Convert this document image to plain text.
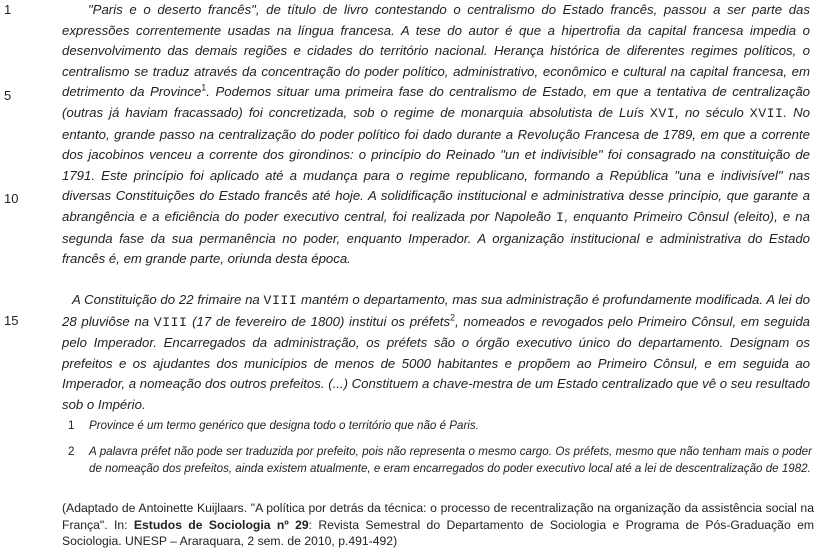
1
5
10
15

"Paris e o deserto francês", de título de livro contestando o centralismo do Estado francês, passou a ser parte das expressões correntemente usadas na língua francesa. A tese do autor é que a hipertrofia da capital francesa impedia o desenvolvimento das demais regiões e cidades do território nacional. Herança histórica de diferentes regimes políticos, o centralismo se traduz através da concentração do poder político, administrativo, econômico e cultural na capital francesa, em detrimento da Province$^1$. Podemos situar uma primeira fase do centralismo de Estado, em que a tentativa de centralização (outras já haviam fracassado) foi concretizada, sob o regime de monarquia absolutista de Luís XVI, no século XVII. No entanto, grande passo na centralização do poder político foi dado durante a Revolução Francesa de 1789, em que a corrente dos jacobinos venceu a corrente dos girondinos: o princípio do Reinado "un et indivisible" foi consagrado na constituição de 1791. Este princípio foi aplicado até a mudança para o regime republicano, formando a República "una e indivisível" nas diversas Constituições do Estado francês até hoje. A solidificação institucional e administrativa desse princípio, que garante a abrangência e a eficiência do poder executivo central, foi realizada por Napoleão I, enquanto Primeiro Cônsul (eleito), e na segunda fase da sua permanência no poder, enquanto Imperador. A organização institucional e administrativa do Estado francês é, em grande parte, oriunda desta época.

A Constituição do 22 frimaire na VIII mantém o departamento, mas sua administração é profundamente modificada. A lei do 28 pluviôse na VIII (17 de fevereiro de 1800) institui os préfets$^2$, nomeados e revogados pelo Primeiro Cônsul, em seguida pelo Imperador. Encarregados da administração, os préfets são o órgão executivo único do departamento. Designam os prefeitos e os ajudantes dos municípios de menos de 5000 habitantes e propõem ao Primeiro Cônsul, e em seguida ao Imperador, a nomeação dos outros prefeitos. (...) Constituem a chave-mestra de um Estado centralizado que vê o seu resultado sob o Império.

1 Province é um termo genérico que designa todo o território que não é Paris.
2 A palavra préfet não pode ser traduzida por prefeito, pois não representa o mesmo cargo. Os préfets, mesmo que não tenham mais o poder de nomeação dos prefeitos, ainda existem atualmente, e eram encarregados do poder executivo local até a lei de descentralização de 1982.
(Adaptado de Antoinette Kuijlaars. "A política por detrás da técnica: o processo de recentralização na organização da assistência social na França". In: Estudos de Sociologia nº 29: Revista Semestral do Departamento de Sociologia e Programa de Pós-Graduação em Sociologia. UNESP – Araraquara, 2 sem. de 2010, p.491-492)
